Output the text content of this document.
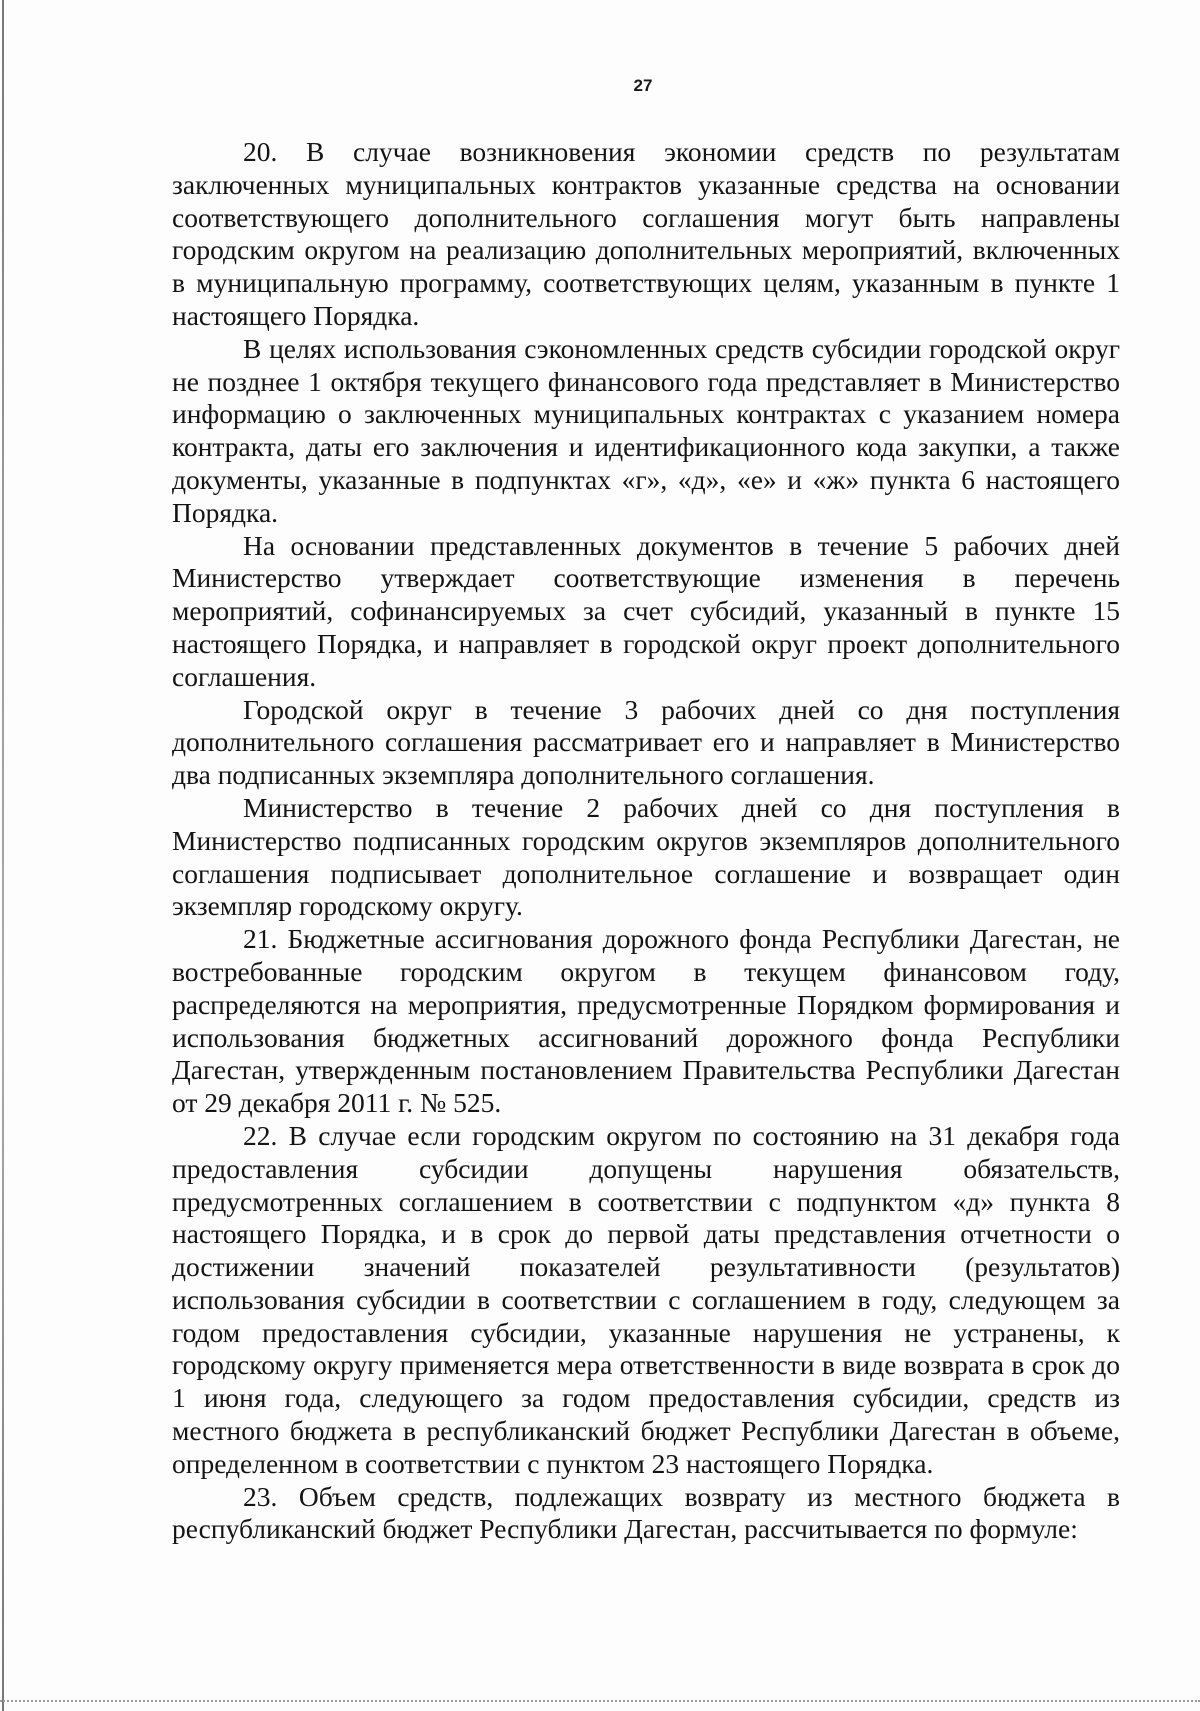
27

20. В случае возникновения экономии средств по результатам заключенных муниципальных контрактов указанные средства на основании соответствующего дополнительного соглашения могут быть направлены городским округом на реализацию дополнительных мероприятий, включенных в муниципальную программу, соответствующих целям, указанным в пункте 1 настоящего Порядка.

В целях использования сэкономленных средств субсидии городской округ не позднее 1 октября текущего финансового года представляет в Министерство информацию о заключенных муниципальных контрактах с указанием номера контракта, даты его заключения и идентификационного кода закупки, а также документы, указанные в подпунктах «г», «д», «е» и «ж» пункта 6 настоящего Порядка.

На основании представленных документов в течение 5 рабочих дней Министерство утверждает соответствующие изменения в перечень мероприятий, софинансируемых за счет субсидий, указанный в пункте 15 настоящего Порядка, и направляет в городской округ проект дополнительного соглашения.

Городской округ в течение 3 рабочих дней со дня поступления дополнительного соглашения рассматривает его и направляет в Министерство два подписанных экземпляра дополнительного соглашения.

Министерство в течение 2 рабочих дней со дня поступления в Министерство подписанных городским округов экземпляров дополнительного соглашения подписывает дополнительное соглашение и возвращает один экземпляр городскому округу.

21. Бюджетные ассигнования дорожного фонда Республики Дагестан, не востребованные городским округом в текущем финансовом году, распределяются на мероприятия, предусмотренные Порядком формирования и использования бюджетных ассигнований дорожного фонда Республики Дагестан, утвержденным постановлением Правительства Республики Дагестан от 29 декабря 2011 г. № 525.

22. В случае если городским округом по состоянию на 31 декабря года предоставления субсидии допущены нарушения обязательств, предусмотренных соглашением в соответствии с подпунктом «д» пункта 8 настоящего Порядка, и в срок до первой даты представления отчетности о достижении значений показателей результативности (результатов) использования субсидии в соответствии с соглашением в году, следующем за годом предоставления субсидии, указанные нарушения не устранены, к городскому округу применяется мера ответственности в виде возврата в срок до 1 июня года, следующего за годом предоставления субсидии, средств из местного бюджета в республиканский бюджет Республики Дагестан в объеме, определенном в соответствии с пунктом 23 настоящего Порядка.

23. Объем средств, подлежащих возврату из местного бюджета в республиканский бюджет Республики Дагестан, рассчитывается по формуле:
